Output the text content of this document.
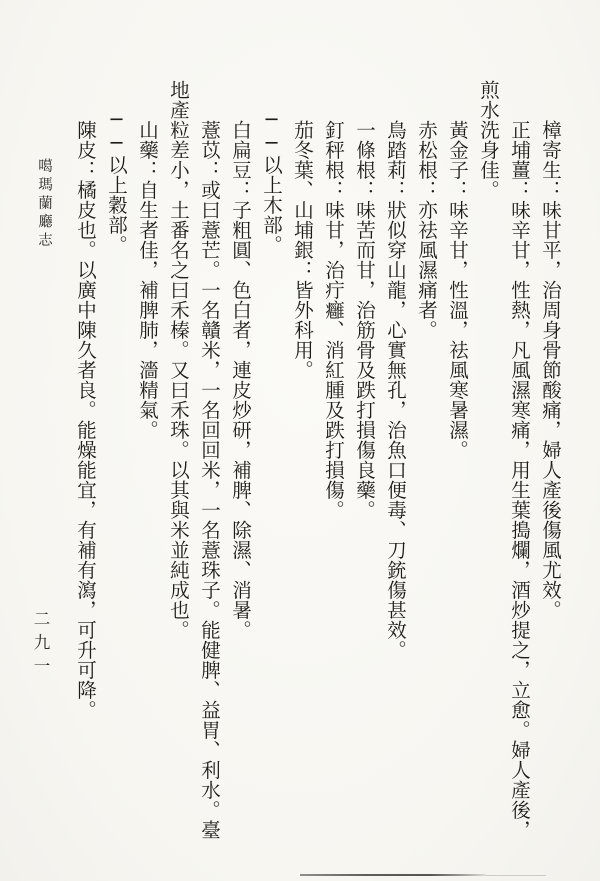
噶瑪蘭廳志	樟寄生：味甘平，治周身骨節酸痛，婦人產後傷風尤效。
正埔薑：味辛甘，性熱，凡風濕寒痛，用生葉搗爛，酒炒提之，立愈。婦人產後，
煎水洗身佳。
黃金子：味辛甘，性溫，祛風寒暑濕。
赤松根：亦祛風濕痛者。
鳥踏莉：狀似穿山龍，心實無孔，治魚口便毒、刀銃傷甚效。
一條根：味苦而甘，治筋骨及跌打損傷良藥。
釘秤根：味甘，治疔癰、消紅腫及跌打損傷。
茄冬葉、山埔銀：皆外科用。
──以上木部。
白扁豆：子粗圓、色白者，連皮炒研，補脾、除濕、消暑。
薏苡：或曰薏芒。一名贛米，一名回回米，一名薏珠子。能健脾、益胃、利水。臺
地產粒差小，土番名之曰禾榛。又曰禾珠。以其與米並純成也。
山藥：自生者佳，補脾肺，濇精氣。
──以上穀部。
陳皮：橘皮也。以廣中陳久者良。能燥能宜，有補有瀉，可升可降。
二九一
